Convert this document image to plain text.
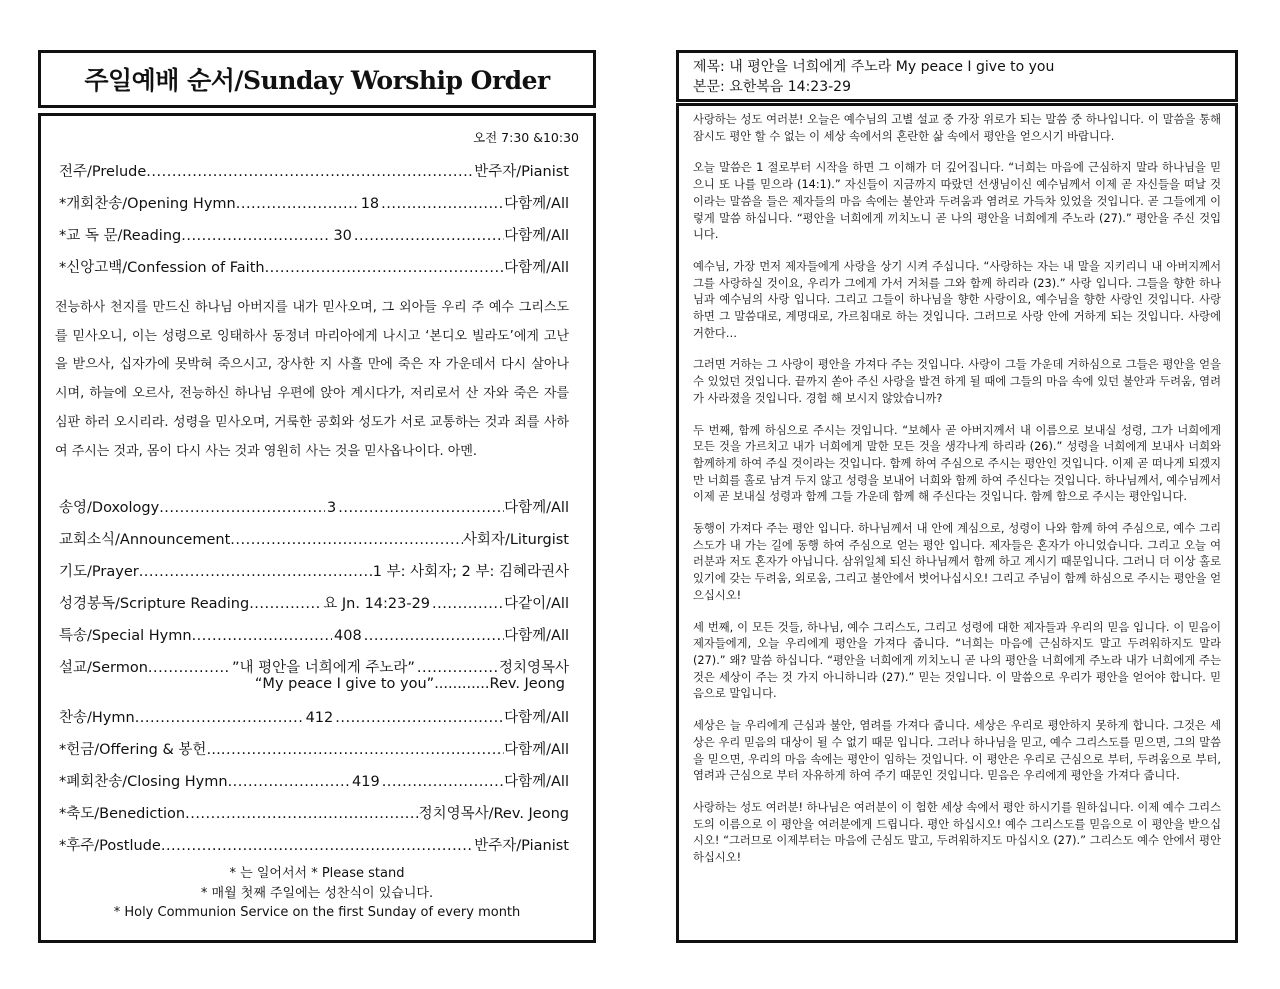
주일예배 순서/Sunday Worship Order
오전 7:30 &10:30
전주/Prelude .....	반주자/Pianist
*개회찬송/Opening Hymn .....	18 .....	다함께/All
*교 독 문/Reading .....	30 .....	다함께/All
*신앙고백/Confession of Faith .....	다함께/All
전능하사 천지를 만드신 하나님 아버지를 내가 믿사오며, 그 외아들 우리 주 예수 그리스도를 믿사오니, 이는 성령으로 잉태하사 동정녀 마리아에게 나시고 ‘본디오 빌라도’에게 고난을 받으사, 십자가에 못박혀 죽으시고, 장사한 지 사흘 만에 죽은 자 가운데서 다시 살아나시며, 하늘에 오르사, 전능하신 하나님 우편에 앉아 계시다가, 저리로서 산 자와 죽은 자를 심판 하러 오시리라. 성령을 믿사오며, 거룩한 공회와 성도가 서로 교통하는 것과 죄를 사하여 주시는 것과, 몸이 다시 사는 것과 영원히 사는 것을 믿사옵나이다. 아멘.
송영/Doxology .....	3 .....	다함께/All
교회소식/Announcement .....	사회자/Liturgist
기도/Prayer .....	1 부: 사회자; 2 부: 김혜라권사
성경봉독/Scripture Reading .....	요 Jn. 14:23-29 .....	다같이/All
특송/Special Hymn .....	408 .....	다함께/All
설교/Sermon .....	”내 평안을 너희에게 주노라” .....	정치영목사
“My peace I give to you” ............ Rev. Jeong
찬송/Hymn .....	412 .....	다함께/All
*헌금/Offering & 봉헌… .....	다함께/All
*폐회찬송/Closing Hymn .....	419 .....	다함께/All
*축도/Benediction .....	정치영목사/Rev. Jeong
*후주/Postlude .....	반주자/Pianist
* 는 일어서서 * Please stand
* 매월 첫째 주일에는 성찬식이 있습니다.
* Holy Communion Service on the first Sunday of every month
제목: 내 평안을 너희에게 주노라 My peace I give to you
본문: 요한복음 14:23-29

사랑하는 성도 여러분! 오늘은 예수님의 고별 설교 중 가장 위로가 되는 말씀 중 하나입니다. 이 말씀을 통해 잠시도 평안 할 수 없는 이 세상 속에서의 혼란한 삶 속에서 평안을 얻으시기 바랍니다.

오늘 말씀은 1 절로부터 시작을 하면 그 이해가 더 깊어집니다. “너희는 마음에 근심하지 말라 하나님을 믿으니 또 나를 믿으라 (14:1).” 자신들이 지금까지 따랐던 선생님이신 예수님께서 이제 곧 자신들을 떠날 것이라는 말씀을 들은 제자들의 마음 속에는 불안과 두려움과 염려로 가득차 있었을 것입니다. 곧 그들에게 이렇게 말씀 하십니다. “평안을 너희에게 끼치노니 곧 나의 평안을 너희에게 주노라 (27).” 평안을 주신 것입니다.

예수님, 가장 먼저 제자들에게 사랑을 상기 시켜 주십니다. “사랑하는 자는 내 말을 지키리니 내 아버지께서 그를 사랑하실 것이요, 우리가 그에게 가서 거처를 그와 함께 하리라 (23).” 사랑 입니다. 그들을 향한 하나님과 예수님의 사랑 입니다. 그리고 그들이 하나님을 향한 사랑이요, 예수님을 향한 사랑인 것입니다. 사랑 하면 그 말씀대로, 계명대로, 가르침대로 하는 것입니다. 그러므로 사랑 안에 거하게 되는 것입니다. 사랑에 거한다…

그러면 거하는 그 사랑이 평안을 가져다 주는 것입니다. 사랑이 그들 가운데 거하심으로 그들은 평안을 얻을 수 있었던 것입니다. 끝까지 쏟아 주신 사랑을 발견 하게 될 때에 그들의 마음 속에 있던 불안과 두려움, 염려가 사라졌을 것입니다. 경험 해 보시지 않았습니까?

두 번째, 함께 하심으로 주시는 것입니다. “보혜사 곧 아버지께서 내 이름으로 보내실 성령, 그가 너희에게 모든 것을 가르치고 내가 너희에게 말한 모든 것을 생각나게 하리라 (26).” 성령을 너희에게 보내사 너희와 함께하게 하여 주실 것이라는 것입니다. 함께 하여 주심으로 주시는 평안인 것입니다. 이제 곧 떠나게 되겠지만 너희를 홀로 남겨 두지 않고 성령을 보내어 너희와 함께 하여 주신다는 것입니다. 하나님께서, 예수님께서 이제 곧 보내실 성령과 함께 그들 가운데 함께 해 주신다는 것입니다. 함께 함으로 주시는 평안입니다.

동행이 가져다 주는 평안 입니다. 하나님께서 내 안에 계심으로, 성령이 나와 함께 하여 주심으로, 예수 그리스도가 내 가는 길에 동행 하여 주심으로 얻는 평안 입니다. 제자들은 혼자가 아니었습니다. 그리고 오늘 여러분과 저도 혼자가 아닙니다. 삼위일체 되신 하나님께서 함께 하고 계시기 때문입니다. 그러니 더 이상 홀로 있기에 갖는 두려움, 외로움, 그리고 불안에서 벗어나십시오! 그리고 주님이 함께 하심으로 주시는 평안을 얻으십시오!

세 번째, 이 모든 것들, 하나님, 예수 그리스도, 그리고 성령에 대한 제자들과 우리의 믿음 입니다. 이 믿음이 제자들에게, 오늘 우리에게 평안을 가져다 줍니다. “너희는 마음에 근심하지도 말고 두려워하지도 말라 (27).” 왜? 말씀 하십니다. “평안을 너희에게 끼치노니 곧 나의 평안을 너희에게 주노라 내가 너희에게 주는 것은 세상이 주는 것 가지 아니하니라 (27).” 믿는 것입니다. 이 말씀으로 우리가 평안을 얻어야 합니다. 믿음으로 말입니다.

세상은 늘 우리에게 근심과 불안, 염려를 가져다 줍니다. 세상은 우리로 평안하지 못하게 합니다. 그것은 세상은 우리 믿음의 대상이 될 수 없기 때문 입니다. 그러나 하나님을 믿고, 예수 그리스도를 믿으면, 그의 말씀을 믿으면, 우리의 마음 속에는 평안이 임하는 것입니다. 이 평안은 우리로 근심으로 부터, 두려움으로 부터, 염려과 근심으로 부터 자유하게 하여 주기 때문인 것입니다. 믿음은 우리에게 평안을 가져다 줍니다.

사랑하는 성도 여러분! 하나님은 여러분이 이 험한 세상 속에서 평안 하시기를 원하십니다. 이제 예수 그리스도의 이름으로 이 평안을 여러분에게 드립니다. 평안 하십시오! 예수 그리스도를 믿음으로 이 평안을 받으십시오! “그러므로 이제부터는 마음에 근심도 말고, 두려워하지도 마십시오 (27).” 그리스도 예수 안에서 평안 하십시오!
